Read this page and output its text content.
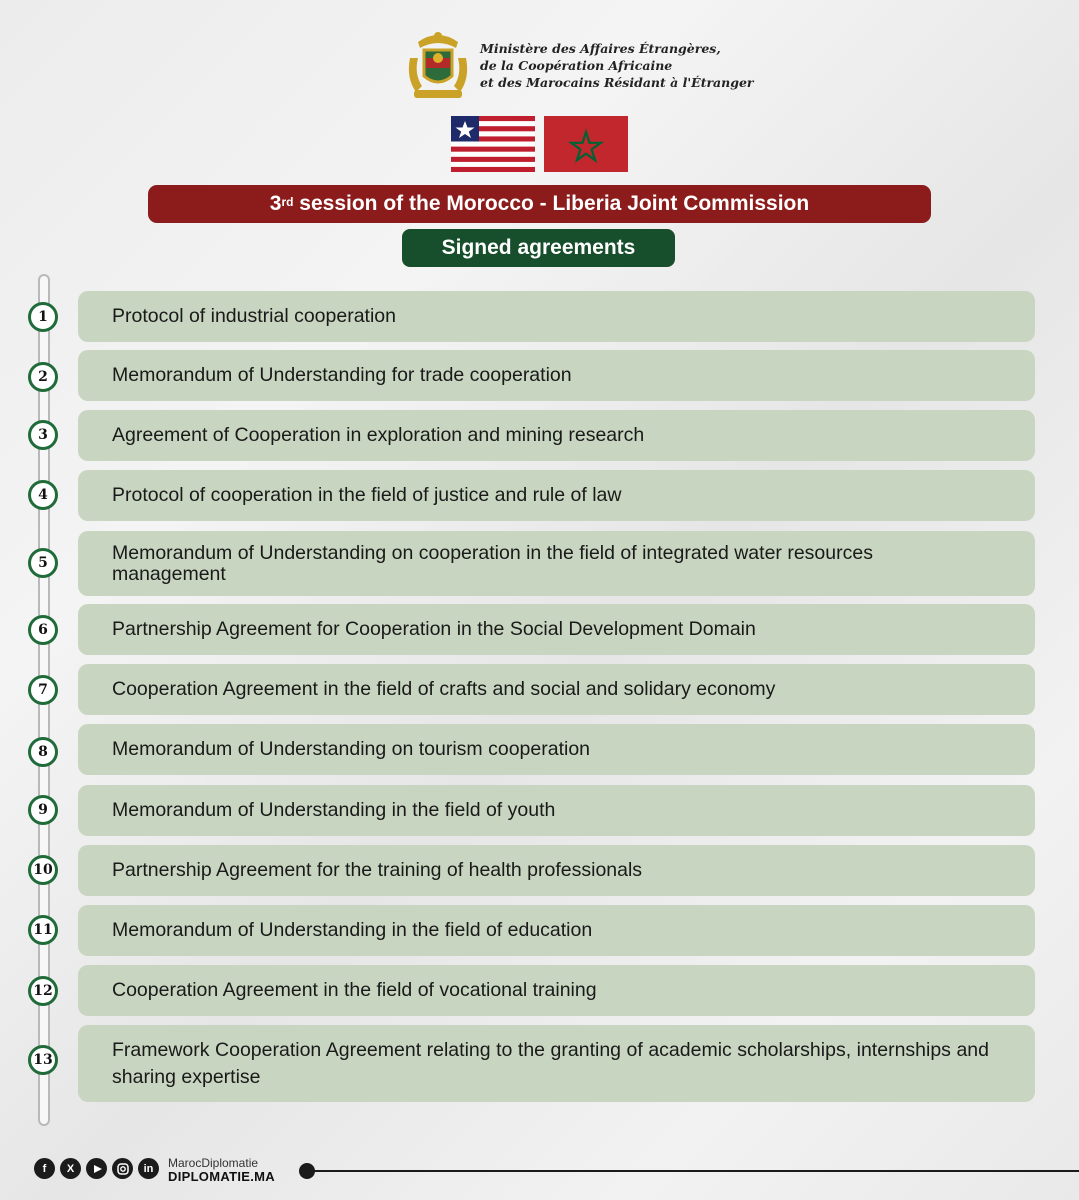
Ministère des Affaires Étrangères,
de la Coopération Africaine
et des Marocains Résidant à l'Étranger
3rd session of the Morocco - Liberia Joint Commission
Signed agreements
1	Protocol of industrial cooperation
2	Memorandum of Understanding for trade cooperation
3	Agreement of Cooperation in exploration and mining research
4	Protocol of cooperation in the field of justice and rule of law
5	Memorandum of Understanding on cooperation in the field of integrated water resources management
6	Partnership Agreement for Cooperation in the Social Development Domain
7	Cooperation Agreement in the field of crafts and social and solidary economy
8	Memorandum of Understanding on tourism cooperation
9	Memorandum of Understanding in the field of youth
10	Partnership Agreement for the training of health professionals
11	Memorandum of Understanding in the field of education
12	Cooperation Agreement in the field of vocational training
13	Framework Cooperation Agreement relating to the granting of academic scholarships, internships and sharing expertise
f	X	in	MarocDiplomatie
DIPLOMATIE.MA
